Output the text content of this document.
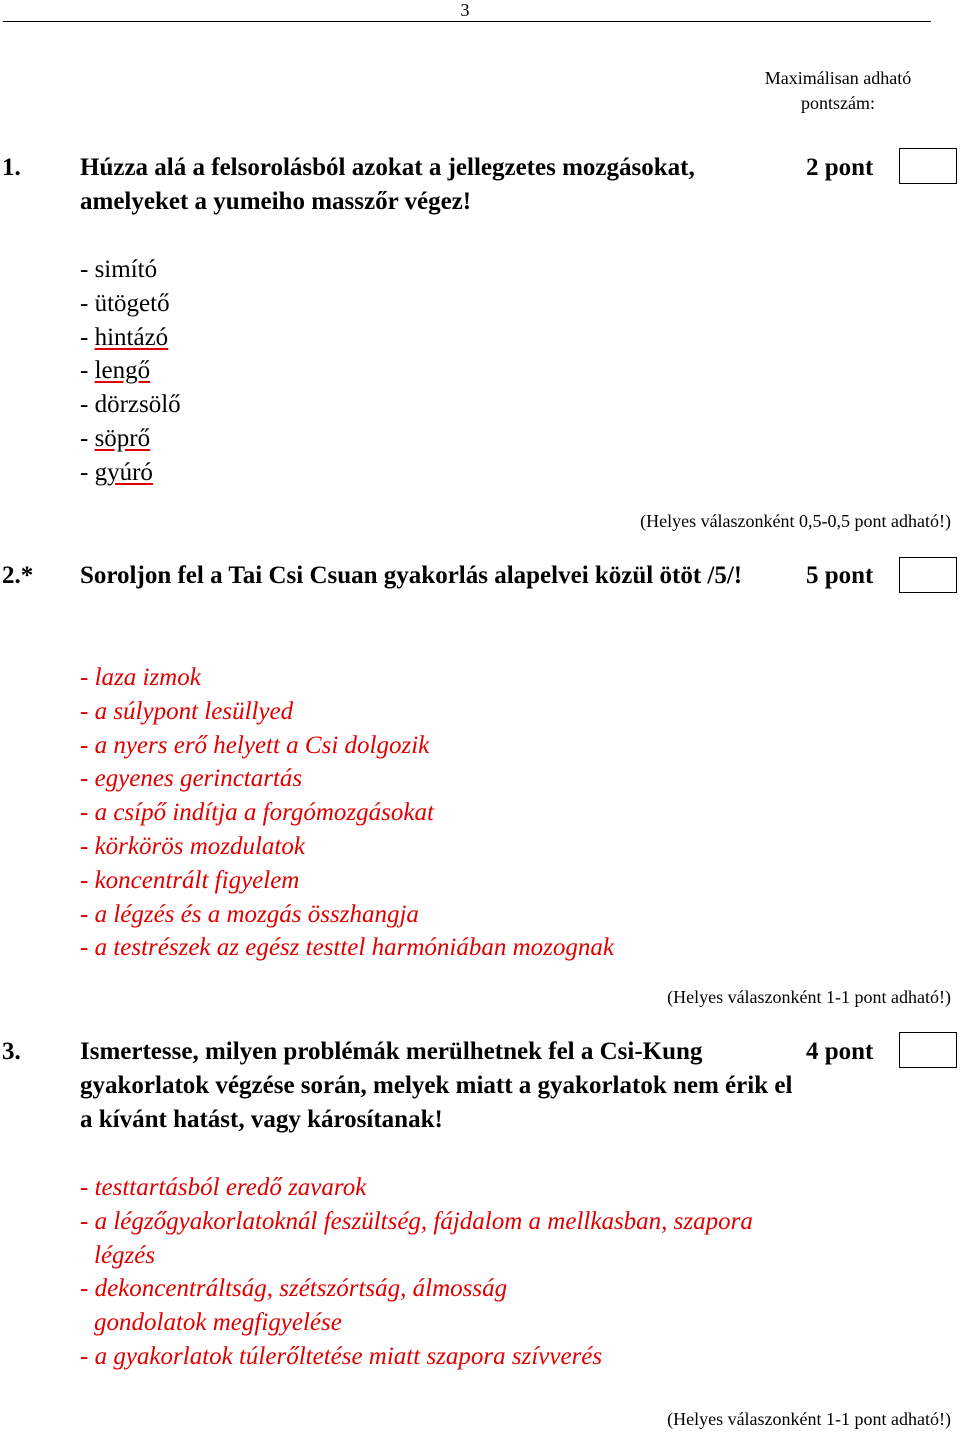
3
Maximálisan adható pontszám:
1. Húzza alá a felsorolásból azokat a jellegzetes mozgásokat, amelyeket a yumeiho masszőr végez!
2 pont
- simító
- ütögető
- hintázó
- lengő
- dörzsölő
- söprő
- gyúró
(Helyes válaszonként 0,5-0,5 pont adható!)
2.* Soroljon fel a Tai Csi Csuan gyakorlás alapelvei közül ötöt /5/!	5 pont
- laza izmok
- a súlypont lesüllyed
- a nyers erő helyett a Csi dolgozik
- egyenes gerinctartás
- a csípő indítja a forgómozgásokat
- körkörös mozdulatok
- koncentrált figyelem
- a légzés és a mozgás összhangja
- a testrészek az egész testtel harmóniában mozognak
(Helyes válaszonként 1-1 pont adható!)
3. Ismertesse, milyen problémák merülhetnek fel a Csi-Kung gyakorlatok végzése során, melyek miatt a gyakorlatok nem érik el a kívánt hatást, vagy károsítanak!
4 pont
- testtartásból eredő zavarok
- a légzőgyakorlatoknál feszültség, fájdalom a mellkasban, szapora
légzés
- dekoncentráltság, szétszórtság, álmosság
gondolatok megfigyelése
- a gyakorlatok túlerőltetése miatt szapora szívverés
(Helyes válaszonként 1-1 pont adható!)
